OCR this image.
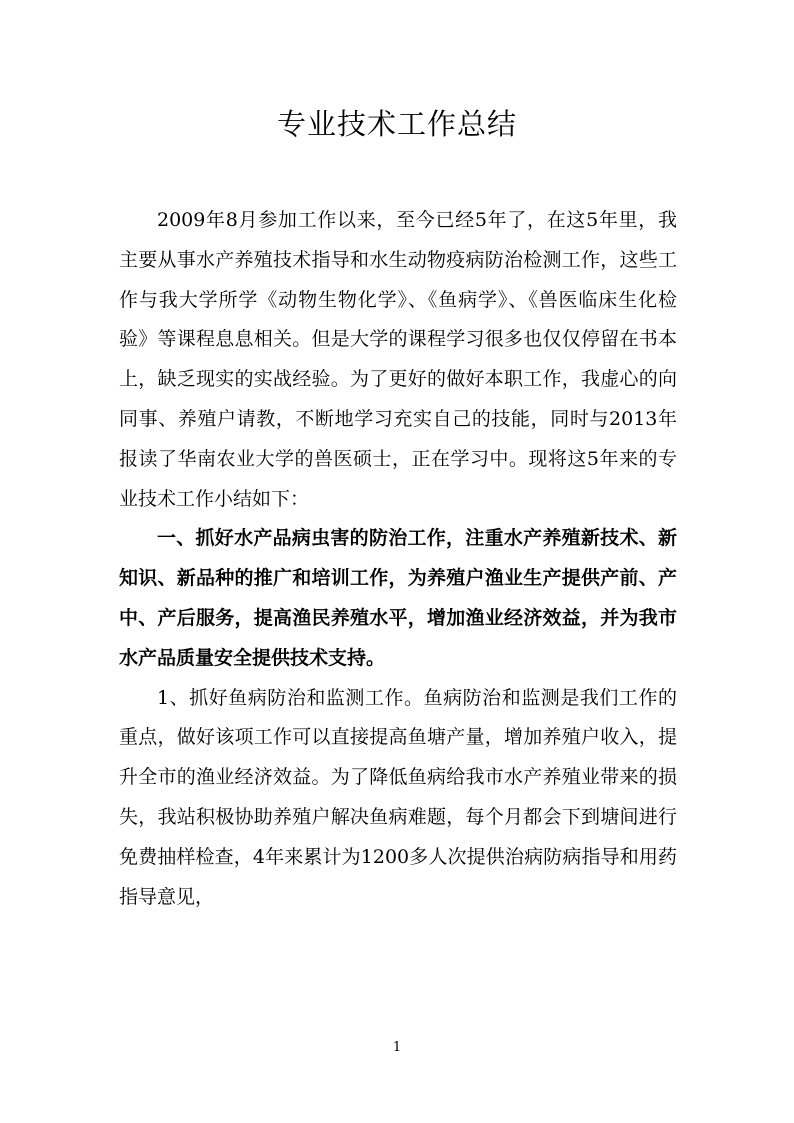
专业技术工作总结

2009年8月参加工作以来，至今已经5年了，在这5年里，我主要从事水产养殖技术指导和水生动物疫病防治检测工作，这些工作与我大学所学《动物生物化学》、《鱼病学》、《兽医临床生化检验》等课程息息相关。但是大学的课程学习很多也仅仅停留在书本上，缺乏现实的实战经验。为了更好的做好本职工作，我虚心的向同事、养殖户请教，不断地学习充实自己的技能，同时与2013年报读了华南农业大学的兽医硕士，正在学习中。现将这5年来的专业技术工作小结如下：

一、抓好水产品病虫害的防治工作，注重水产养殖新技术、新知识、新品种的推广和培训工作，为养殖户渔业生产提供产前、产中、产后服务，提高渔民养殖水平，增加渔业经济效益，并为我市水产品质量安全提供技术支持。

1、抓好鱼病防治和监测工作。鱼病防治和监测是我们工作的重点，做好该项工作可以直接提高鱼塘产量，增加养殖户收入，提升全市的渔业经济效益。为了降低鱼病给我市水产养殖业带来的损失，我站积极协助养殖户解决鱼病难题，每个月都会下到塘间进行免费抽样检查，4年来累计为1200多人次提供治病防病指导和用药指导意见，

1
